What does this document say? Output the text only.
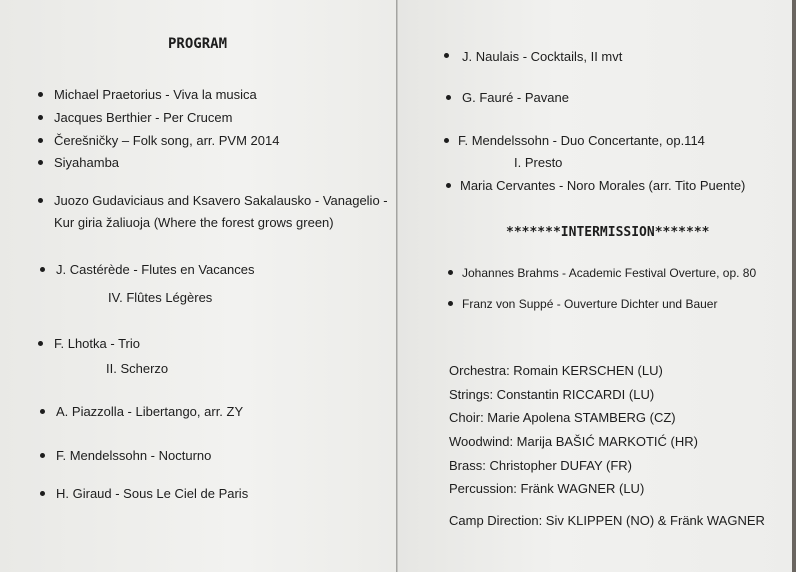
PROGRAM
Michael Praetorius - Viva la musica
Jacques Berthier - Per Crucem
Čerešničky – Folk song, arr. PVM 2014
Siyahamba
Juozo Gudaviciaus and Ksavero Sakalausko - Vanagelio -
Kur giria žaliuoja (Where the forest grows green)
J. Castérède - Flutes en Vacances
IV. Flûtes Légères
F. Lhotka - Trio
II. Scherzo
A. Piazzolla - Libertango, arr. ZY
F. Mendelssohn - Nocturno
H. Giraud - Sous Le Ciel de Paris
J. Naulais - Cocktails, II mvt
G. Fauré - Pavane
F. Mendelssohn - Duo Concertante, op.114
I. Presto
Maria Cervantes - Noro Morales (arr. Tito Puente)
*******INTERMISSION*******
Johannes Brahms - Academic Festival Overture, op. 80
Franz von Suppé - Ouverture Dichter und Bauer
Orchestra: Romain KERSCHEN (LU)
Strings: Constantin RICCARDI (LU)
Choir: Marie Apolena STAMBERG (CZ)
Woodwind: Marija BAŠIĆ MARKOTIĆ (HR)
Brass: Christopher DUFAY (FR)
Percussion: Fränk WAGNER (LU)
Camp Direction: Siv KLIPPEN (NO) & Fränk WAGNER
